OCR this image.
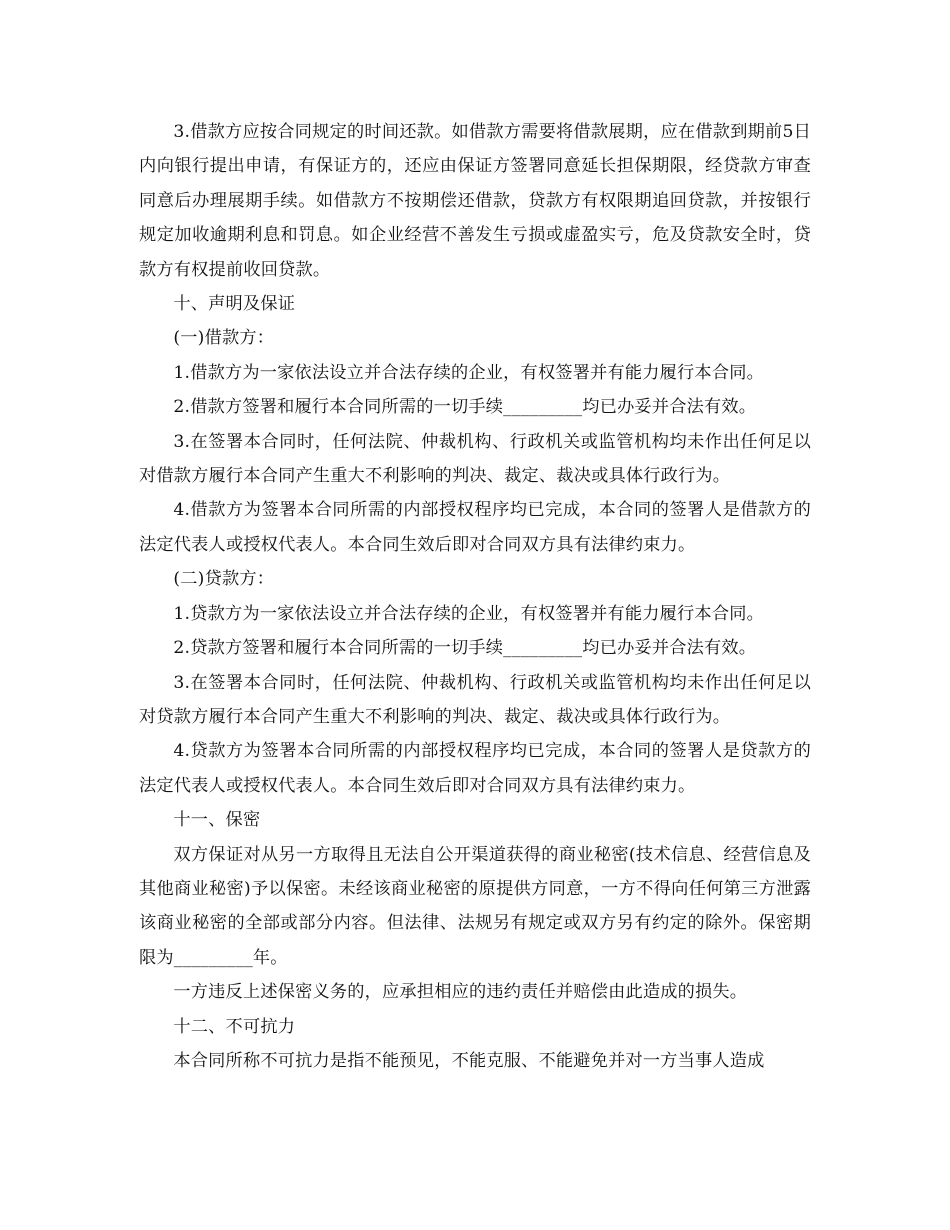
3.借款方应按合同规定的时间还款。如借款方需要将借款展期，应在借款到期前5日内向银行提出申请，有保证方的，还应由保证方签署同意延长担保期限，经贷款方审查同意后办理展期手续。如借款方不按期偿还借款，贷款方有权限期追回贷款，并按银行规定加收逾期利息和罚息。如企业经营不善发生亏损或虚盈实亏，危及贷款安全时，贷款方有权提前收回贷款。

十、声明及保证

(一)借款方：

1.借款方为一家依法设立并合法存续的企业，有权签署并有能力履行本合同。

2.借款方签署和履行本合同所需的一切手续_________均已办妥并合法有效。

3.在签署本合同时，任何法院、仲裁机构、行政机关或监管机构均未作出任何足以对借款方履行本合同产生重大不利影响的判决、裁定、裁决或具体行政行为。

4.借款方为签署本合同所需的内部授权程序均已完成，本合同的签署人是借款方的法定代表人或授权代表人。本合同生效后即对合同双方具有法律约束力。

(二)贷款方：

1.贷款方为一家依法设立并合法存续的企业，有权签署并有能力履行本合同。

2.贷款方签署和履行本合同所需的一切手续_________均已办妥并合法有效。

3.在签署本合同时，任何法院、仲裁机构、行政机关或监管机构均未作出任何足以对贷款方履行本合同产生重大不利影响的判决、裁定、裁决或具体行政行为。

4.贷款方为签署本合同所需的内部授权程序均已完成，本合同的签署人是贷款方的法定代表人或授权代表人。本合同生效后即对合同双方具有法律约束力。

十一、保密

双方保证对从另一方取得且无法自公开渠道获得的商业秘密(技术信息、经营信息及其他商业秘密)予以保密。未经该商业秘密的原提供方同意，一方不得向任何第三方泄露该商业秘密的全部或部分内容。但法律、法规另有规定或双方另有约定的除外。保密期限为_________年。

一方违反上述保密义务的，应承担相应的违约责任并赔偿由此造成的损失。

十二、不可抗力

本合同所称不可抗力是指不能预见，不能克服、不能避免并对一方当事人造成
